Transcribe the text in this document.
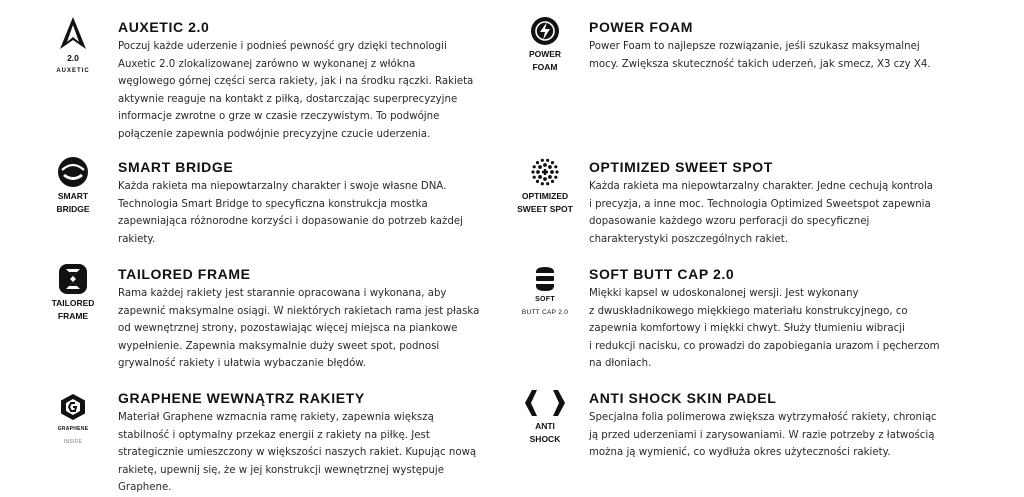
2.0
AUXETIC
AUXETIC 2.0
Poczuj każde uderzenie i podnieś pewność gry dzięki technologii
Auxetic 2.0 zlokalizowanej zarówno w wykonanej z włókna
węglowego górnej części serca rakiety, jak i na środku rączki. Rakieta
aktywnie reaguje na kontakt z piłką, dostarczając superprecyzyjne
informacje zwrotne o grze w czasie rzeczywistym. To podwójne
połączenie zapewnia podwójnie precyzyjne czucie uderzenia.
SMART
BRIDGE
SMART BRIDGE
Każda rakieta ma niepowtarzalny charakter i swoje własne DNA.
Technologia Smart Bridge to specyficzna konstrukcja mostka
zapewniająca różnorodne korzyści i dopasowanie do potrzeb każdej
rakiety.
TAILORED
FRAME
TAILORED FRAME
Rama każdej rakiety jest starannie opracowana i wykonana, aby
zapewnić maksymalne osiągi. W niektórych rakietach rama jest płaska
od wewnętrznej strony, pozostawiając więcej miejsca na piankowe
wypełnienie. Zapewnia maksymalnie duży sweet spot, podnosi
grywalność rakiety i ułatwia wybaczanie błędów.
GRAPHENE
INSIDE
GRAPHENE WEWNĄTRZ RAKIETY
Materiał Graphene wzmacnia ramę rakiety, zapewnia większą
stabilność i optymalny przekaz energii z rakiety na piłkę. Jest
strategicznie umieszczony w większości naszych rakiet. Kupując nową
rakietę, upewnij się, że w jej konstrukcji wewnętrznej występuje
Graphene.
POWER
FOAM
POWER FOAM
Power Foam to najlepsze rozwiązanie, jeśli szukasz maksymalnej
mocy. Zwiększa skuteczność takich uderzeń, jak smecz, X3 czy X4.
OPTIMIZED
SWEET SPOT
OPTIMIZED SWEET SPOT
Każda rakieta ma niepowtarzalny charakter. Jedne cechują kontrola
i precyzja, a inne moc. Technologia Optimized Sweetspot zapewnia
dopasowanie każdego wzoru perforacji do specyficznej
charakterystyki poszczególnych rakiet.
SOFT
BUTT CAP 2.0
SOFT BUTT CAP 2.0
Miękki kapsel w udoskonalonej wersji. Jest wykonany
z dwuskładnikowego miękkiego materiału konstrukcyjnego, co
zapewnia komfortowy i miękki chwyt. Służy tłumieniu wibracji
i redukcji nacisku, co prowadzi do zapobiegania urazom i pęcherzom
na dłoniach.
ANTI
SHOCK
ANTI SHOCK SKIN PADEL
Specjalna folia polimerowa zwiększa wytrzymałość rakiety, chroniąc
ją przed uderzeniami i zarysowaniami. W razie potrzeby z łatwością
można ją wymienić, co wydłuża okres użyteczności rakiety.
